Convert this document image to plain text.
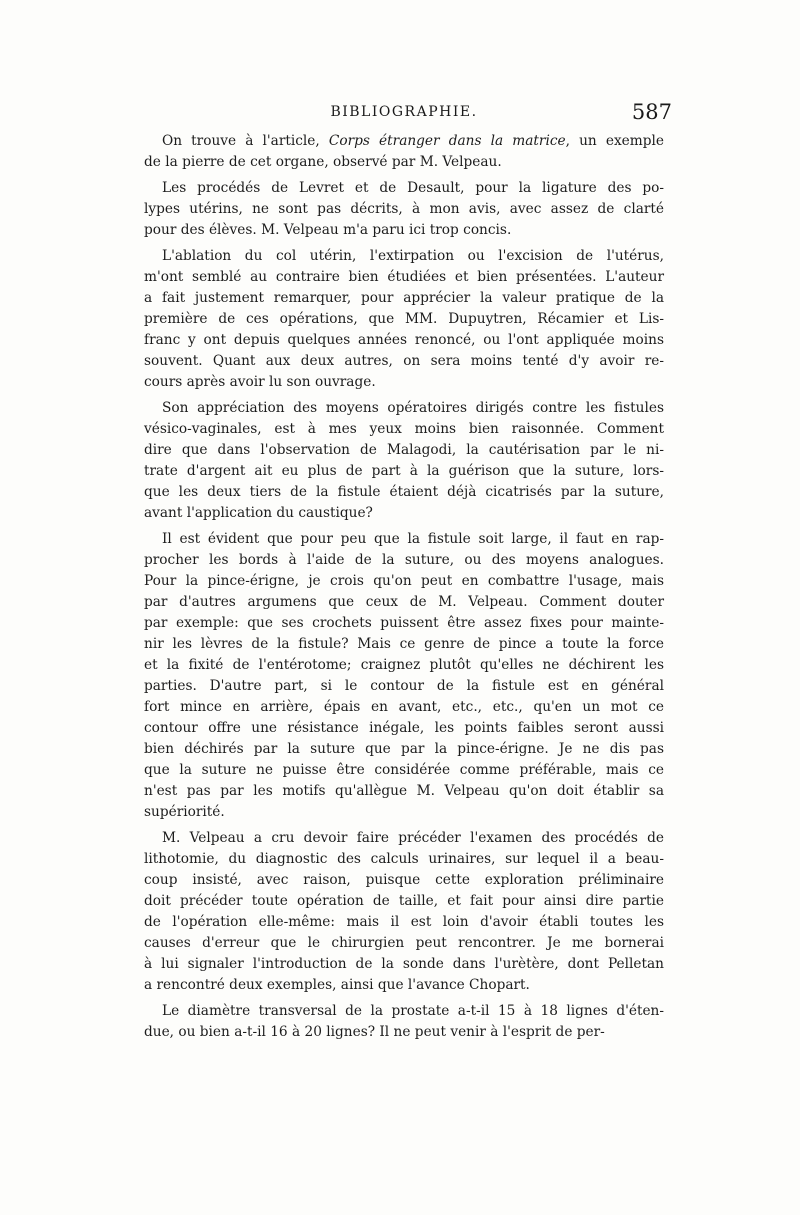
BIBLIOGRAPHIE.	587
On trouve à l'article, Corps étranger dans la matrice, un exemple
de la pierre de cet organe, observé par M. Velpeau.
Les procédés de Levret et de Desault, pour la ligature des po-
lypes utérins, ne sont pas décrits, à mon avis, avec assez de clarté
pour des élèves. M. Velpeau m'a paru ici trop concis.
L'ablation du col utérin, l'extirpation ou l'excision de l'utérus,
m'ont semblé au contraire bien étudiées et bien présentées. L'auteur
a fait justement remarquer, pour apprécier la valeur pratique de la
première de ces opérations, que MM. Dupuytren, Récamier et Lis-
franc y ont depuis quelques années renoncé, ou l'ont appliquée moins
souvent. Quant aux deux autres, on sera moins tenté d'y avoir re-
cours après avoir lu son ouvrage.
Son appréciation des moyens opératoires dirigés contre les fistules
vésico-vaginales, est à mes yeux moins bien raisonnée. Comment
dire que dans l'observation de Malagodi, la cautérisation par le ni-
trate d'argent ait eu plus de part à la guérison que la suture, lors-
que les deux tiers de la fistule étaient déjà cicatrisés par la suture,
avant l'application du caustique?
Il est évident que pour peu que la fistule soit large, il faut en rap-
procher les bords à l'aide de la suture, ou des moyens analogues.
Pour la pince-érigne, je crois qu'on peut en combattre l'usage, mais
par d'autres argumens que ceux de M. Velpeau. Comment douter
par exemple: que ses crochets puissent être assez fixes pour mainte-
nir les lèvres de la fistule? Mais ce genre de pince a toute la force
et la fixité de l'entérotome; craignez plutôt qu'elles ne déchirent les
parties. D'autre part, si le contour de la fistule est en général
fort mince en arrière, épais en avant, etc., etc., qu'en un mot ce
contour offre une résistance inégale, les points faibles seront aussi
bien déchirés par la suture que par la pince-érigne. Je ne dis pas
que la suture ne puisse être considérée comme préférable, mais ce
n'est pas par les motifs qu'allègue M. Velpeau qu'on doit établir sa
supériorité.
M. Velpeau a cru devoir faire précéder l'examen des procédés de
lithotomie, du diagnostic des calculs urinaires, sur lequel il a beau-
coup insisté, avec raison, puisque cette exploration préliminaire
doit précéder toute opération de taille, et fait pour ainsi dire partie
de l'opération elle-même: mais il est loin d'avoir établi toutes les
causes d'erreur que le chirurgien peut rencontrer. Je me bornerai
à lui signaler l'introduction de la sonde dans l'urètère, dont Pelletan
a rencontré deux exemples, ainsi que l'avance Chopart.
Le diamètre transversal de la prostate a-t-il 15 à 18 lignes d'éten-
due, ou bien a-t-il 16 à 20 lignes? Il ne peut venir à l'esprit de per-
